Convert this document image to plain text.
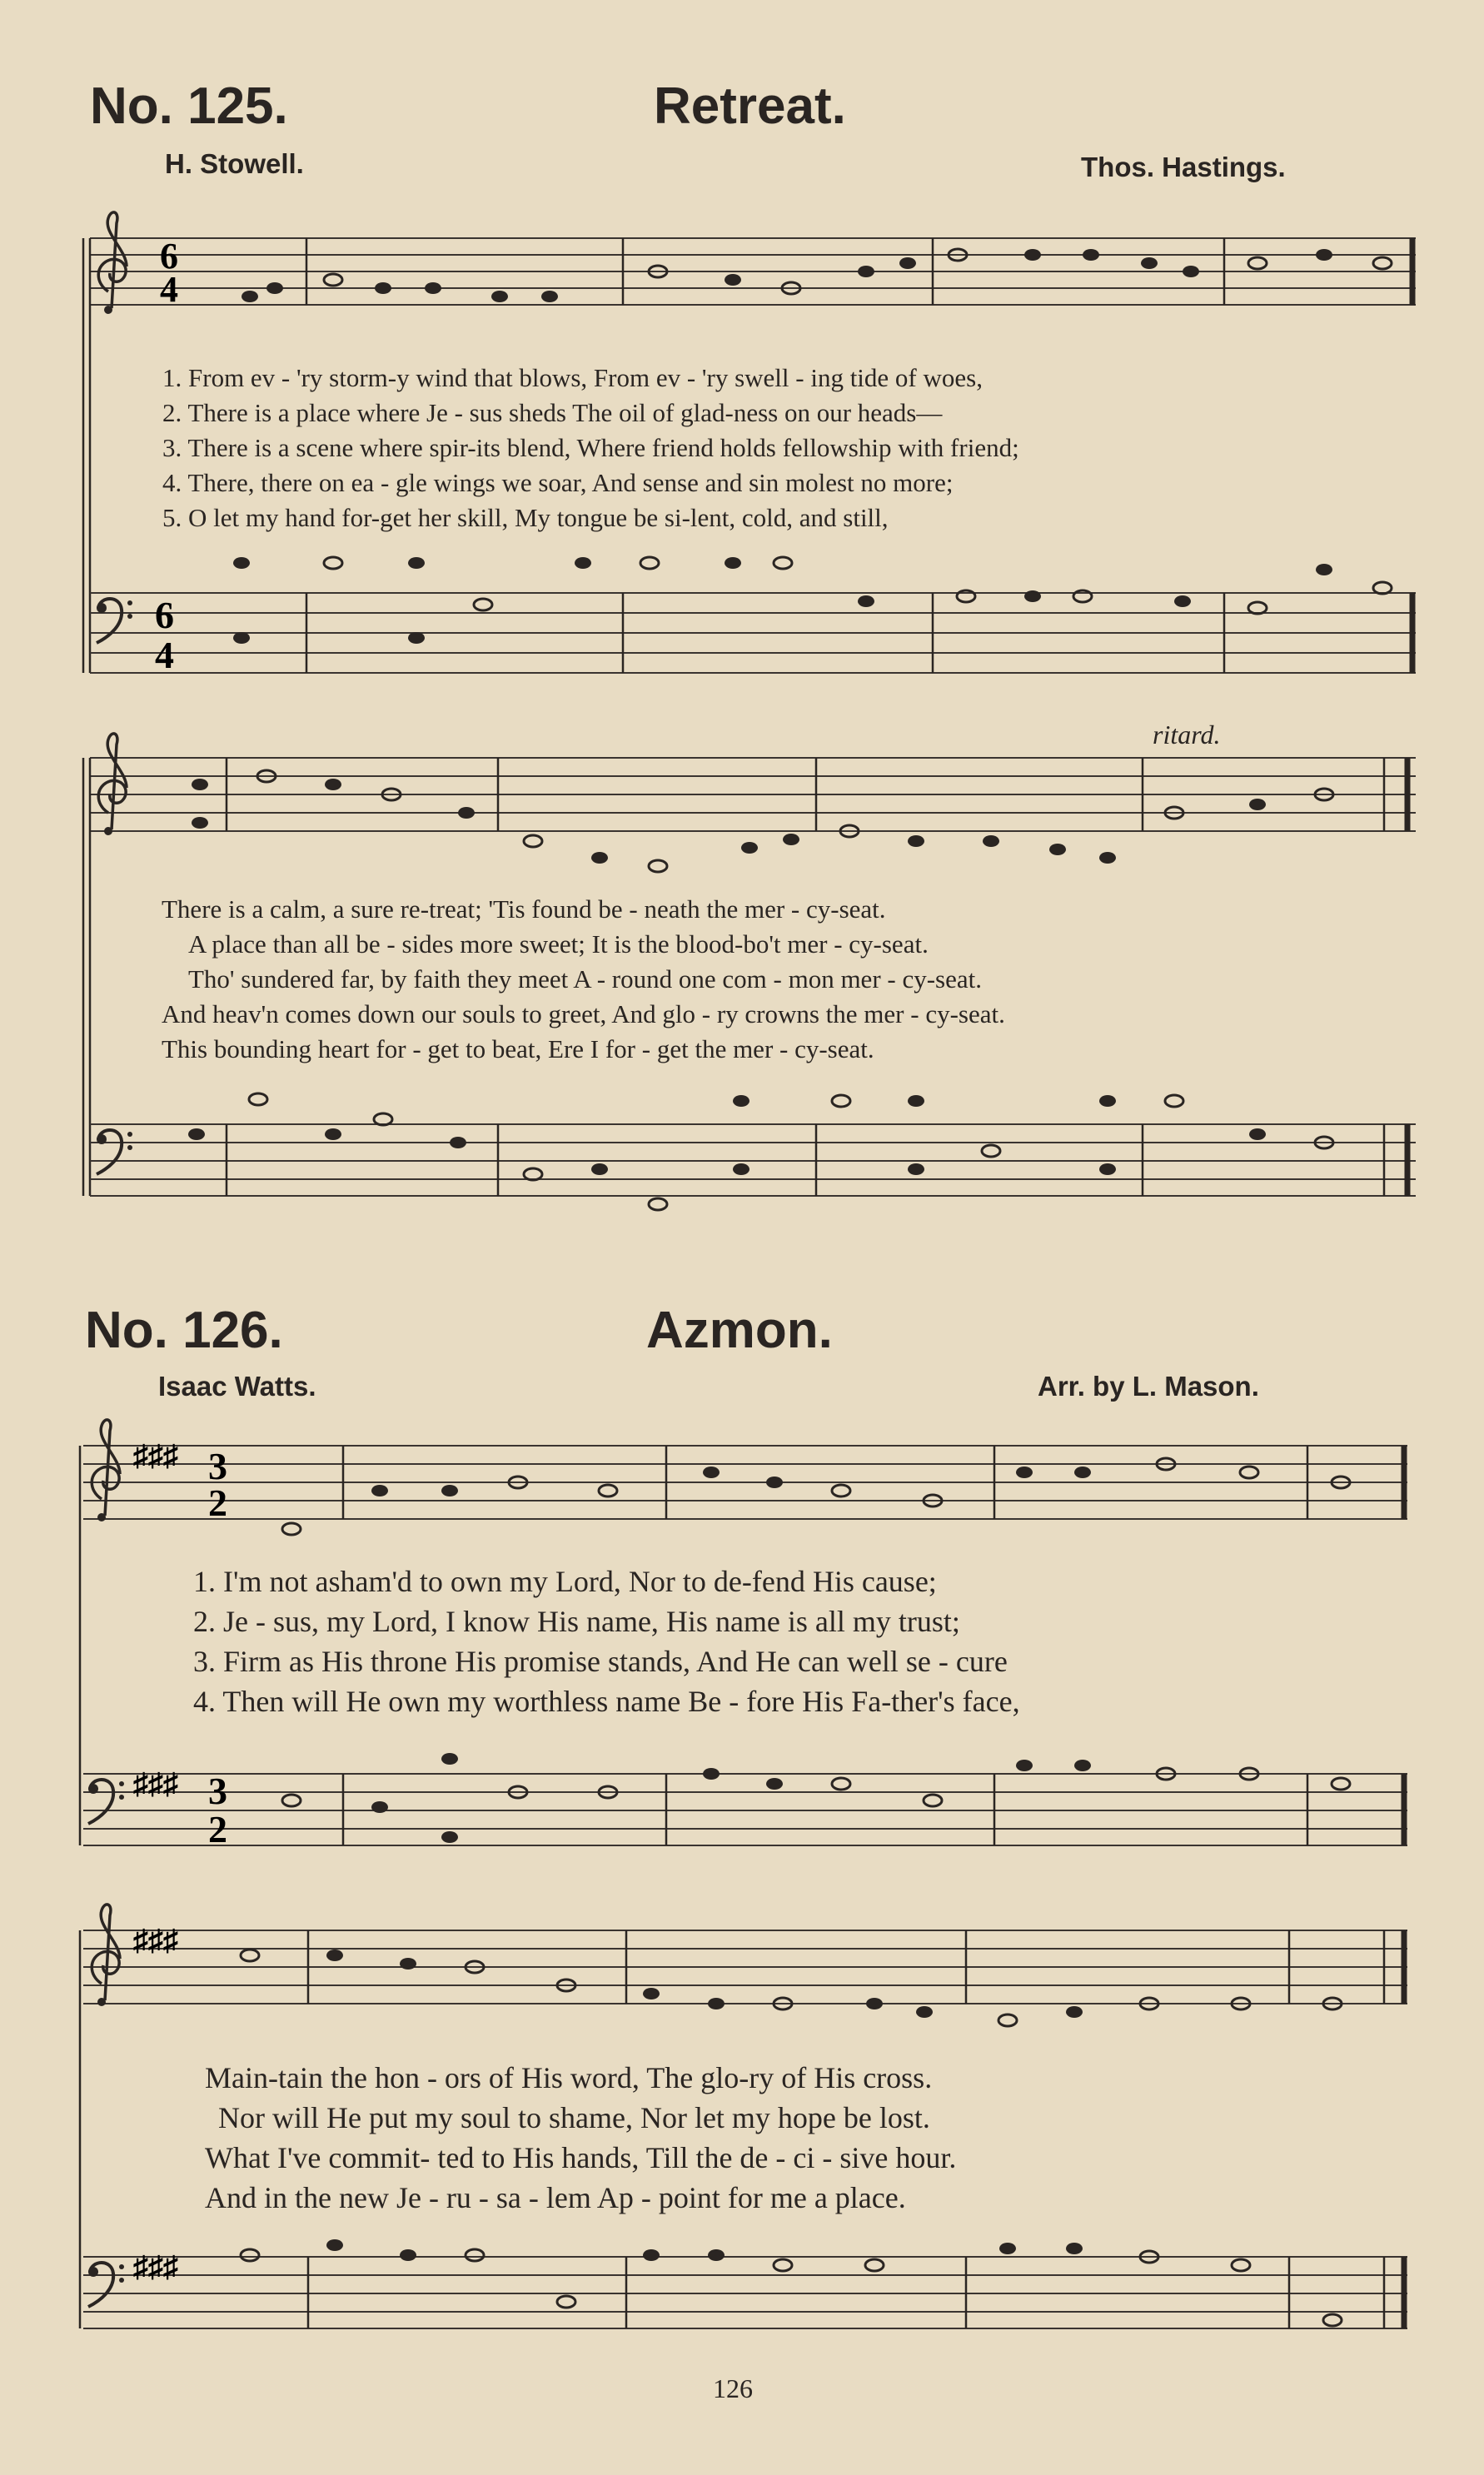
No. 125.	Retreat.
H. Stowell.	Thos. Hastings.
6
4
6
4
♯♯♯ 3
2
♯♯♯ 3
2
♯♯♯
♯♯♯
1. From ev - 'ry storm-y wind that blows, From ev - 'ry swell - ing tide of woes,
2. There is a place where Je - sus sheds The oil of glad-ness on our heads—
3. There is a scene where spir-its blend, Where friend holds fellowship with friend;
4. There, there on ea - gle wings we soar, And sense and sin molest no more;
5. O let my hand for-get her skill, My tongue be si-lent, cold, and still,
ritard.
There is a calm, a sure re-treat; 'Tis found be - neath the mer - cy-seat.
A place than all be - sides more sweet; It is the blood-bo't mer - cy-seat.
Tho' sundered far, by faith they meet A - round one com - mon mer - cy-seat.
And heav'n comes down our souls to greet, And glo - ry crowns the mer - cy-seat.
This bounding heart for - get to beat, Ere I for - get the mer - cy-seat.
No. 126.	Azmon.
Isaac Watts.	Arr. by L. Mason.
1. I'm not asham'd to own my Lord, Nor to de-fend His cause;
2. Je - sus, my Lord, I know His name, His name is all my trust;
3. Firm as His throne His promise stands, And He can well se - cure
4. Then will He own my worthless name Be - fore His Fa-ther's face,
Main-tain the hon - ors of His word, The glo-ry of His cross.
Nor will He put my soul to shame, Nor let my hope be lost.
What I've commit- ted to His hands, Till the de - ci - sive hour.
And in the new Je - ru - sa - lem Ap - point for me a place.
126
